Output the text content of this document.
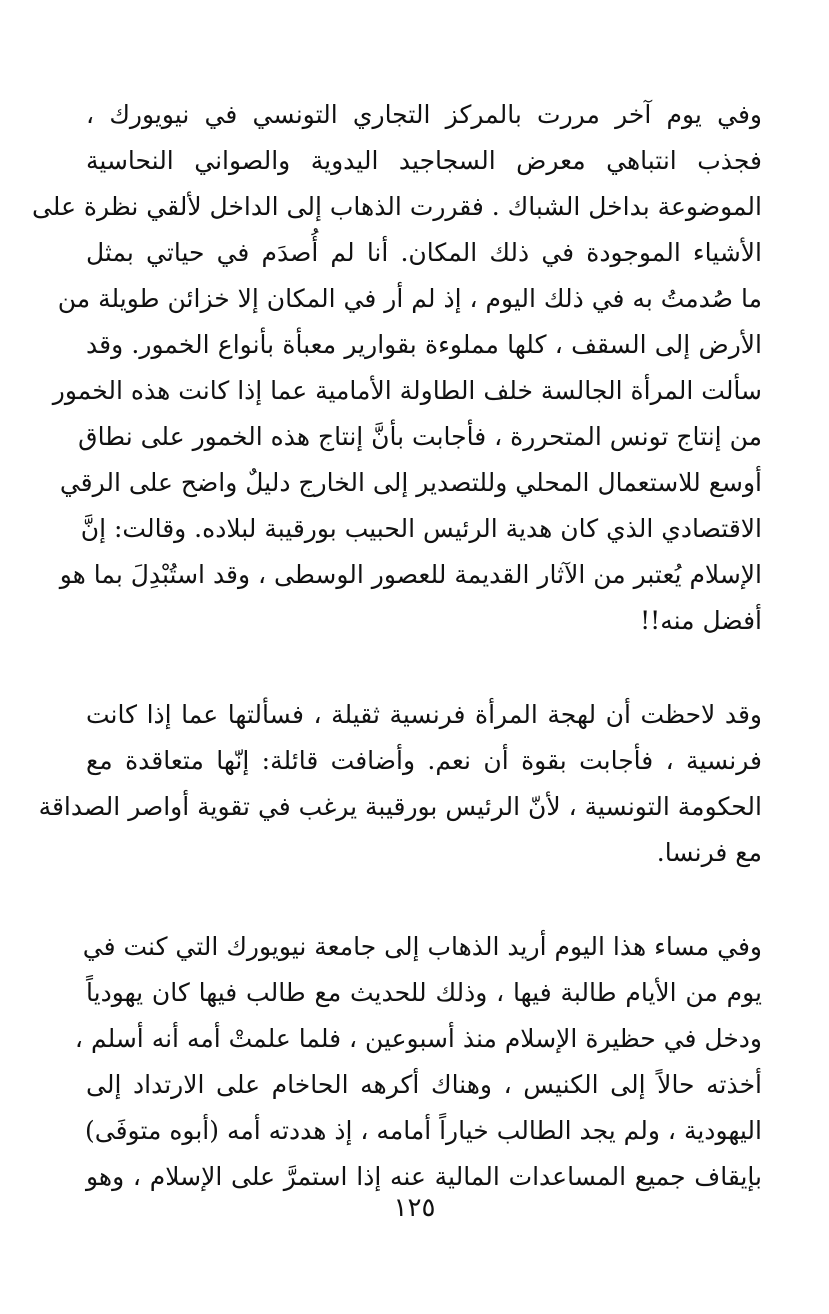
وفي يوم آخر مررت بالمركز التجاري التونسي في نيويورك ،
فجذب انتباهي معرض السجاجيد اليدوية والصواني النحاسية
الموضوعة بداخل الشباك . فقررت الذهاب إلى الداخل لألقي نظرة على
الأشياء الموجودة في ذلك المكان. أنا لم أُصدَم في حياتي بمثل
ما صُدمتُ به في ذلك اليوم ، إذ لم أر في المكان إلا خزائن طويلة من
الأرض إلى السقف ، كلها مملوءة بقوارير معبأة بأنواع الخمور. وقد
سألت المرأة الجالسة خلف الطاولة الأمامية عما إذا كانت هذه الخمور
من إنتاج تونس المتحررة ، فأجابت بأنَّ إنتاج هذه الخمور على نطاق
أوسع للاستعمال المحلي وللتصدير إلى الخارج دليلٌ واضح على الرقي
الاقتصادي الذي كان هدية الرئيس الحبيب بورقيبة لبلاده. وقالت: إنَّ
الإسلام يُعتبر من الآثار القديمة للعصور الوسطى ، وقد استُبْدِلَ بما هو
أفضل منه!!
وقد لاحظت أن لهجة المرأة فرنسية ثقيلة ، فسألتها عما إذا كانت
فرنسية ، فأجابت بقوة أن نعم. وأضافت قائلة: إنّها متعاقدة مع
الحكومة التونسية ، لأنّ الرئيس بورقيبة يرغب في تقوية أواصر الصداقة
مع فرنسا.
وفي مساء هذا اليوم أريد الذهاب إلى جامعة نيويورك التي كنت في
يوم من الأيام طالبة فيها ، وذلك للحديث مع طالب فيها كان يهودياً
ودخل في حظيرة الإسلام منذ أسبوعين ، فلما علمتْ أمه أنه أسلم ،
أخذته حالاً إلى الكنيس ، وهناك أكرهه الحاخام على الارتداد إلى
اليهودية ، ولم يجد الطالب خياراً أمامه ، إذ هددته أمه (أبوه متوفَى)
بإيقاف جميع المساعدات المالية عنه إذا استمرَّ على الإسلام ، وهو
١٢٥
